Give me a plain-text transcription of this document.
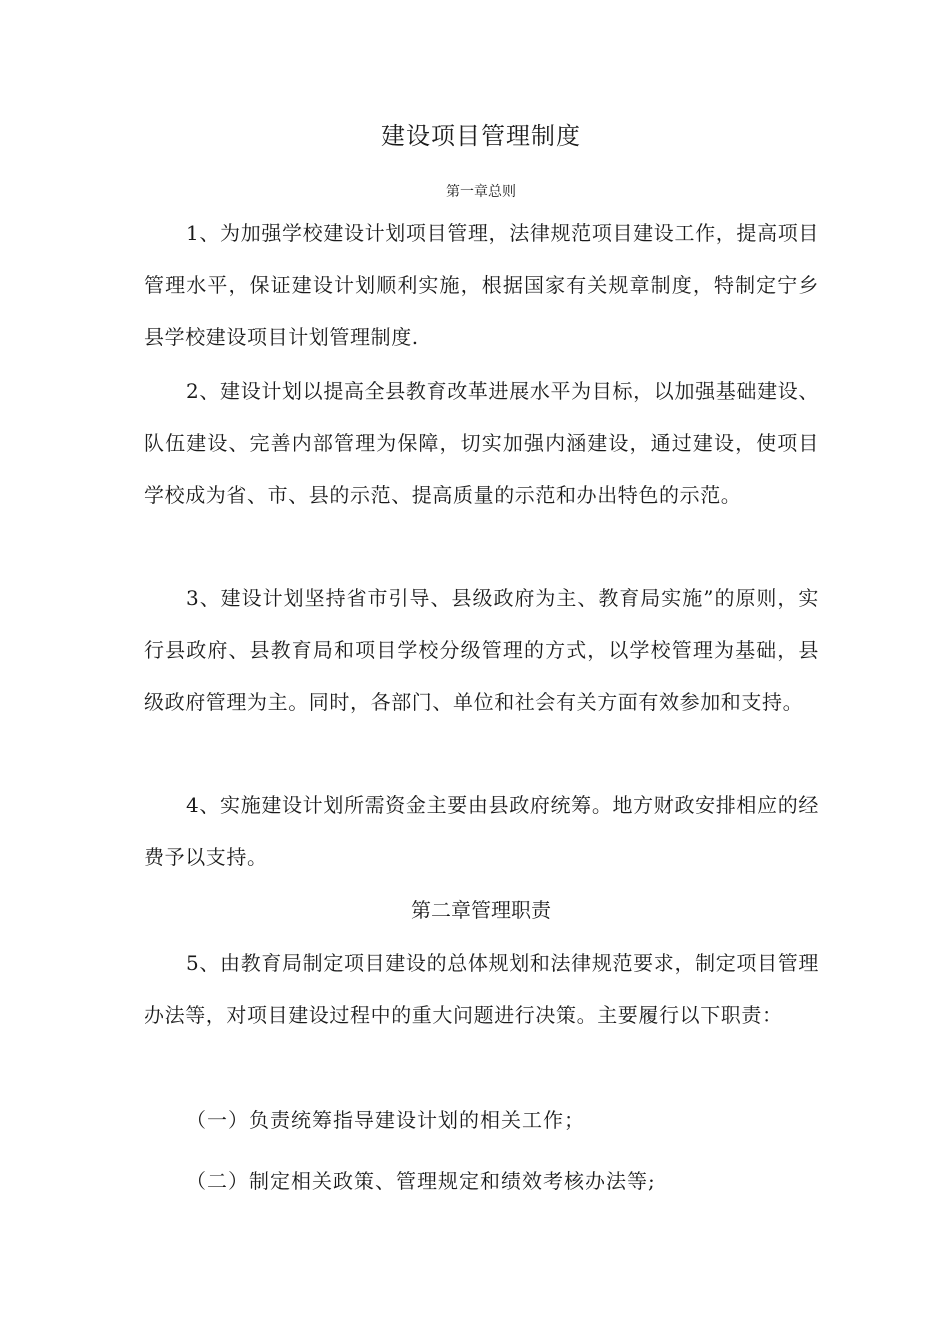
建设项目管理制度
第一章总则

1、为加强学校建设计划项目管理，法律规范项目建设工作，提高项目管理水平，保证建设计划顺利实施，根据国家有关规章制度，特制定宁乡县学校建设项目计划管理制度.

2、建设计划以提高全县教育改革进展水平为目标，以加强基础建设、队伍建设、完善内部管理为保障，切实加强内涵建设，通过建设，使项目学校成为省、市、县的示范、提高质量的示范和办出特色的示范。

3、建设计划坚持省市引导、县级政府为主、教育局实施”的原则，实行县政府、县教育局和项目学校分级管理的方式，以学校管理为基础，县级政府管理为主。同时，各部门、单位和社会有关方面有效参加和支持。

4、实施建设计划所需资金主要由县政府统筹。地方财政安排相应的经费予以支持。

第二章管理职责

5、由教育局制定项目建设的总体规划和法律规范要求，制定项目管理办法等，对项目建设过程中的重大问题进行决策。主要履行以下职责：

（一）负责统筹指导建设计划的相关工作；

（二）制定相关政策、管理规定和绩效考核办法等;
